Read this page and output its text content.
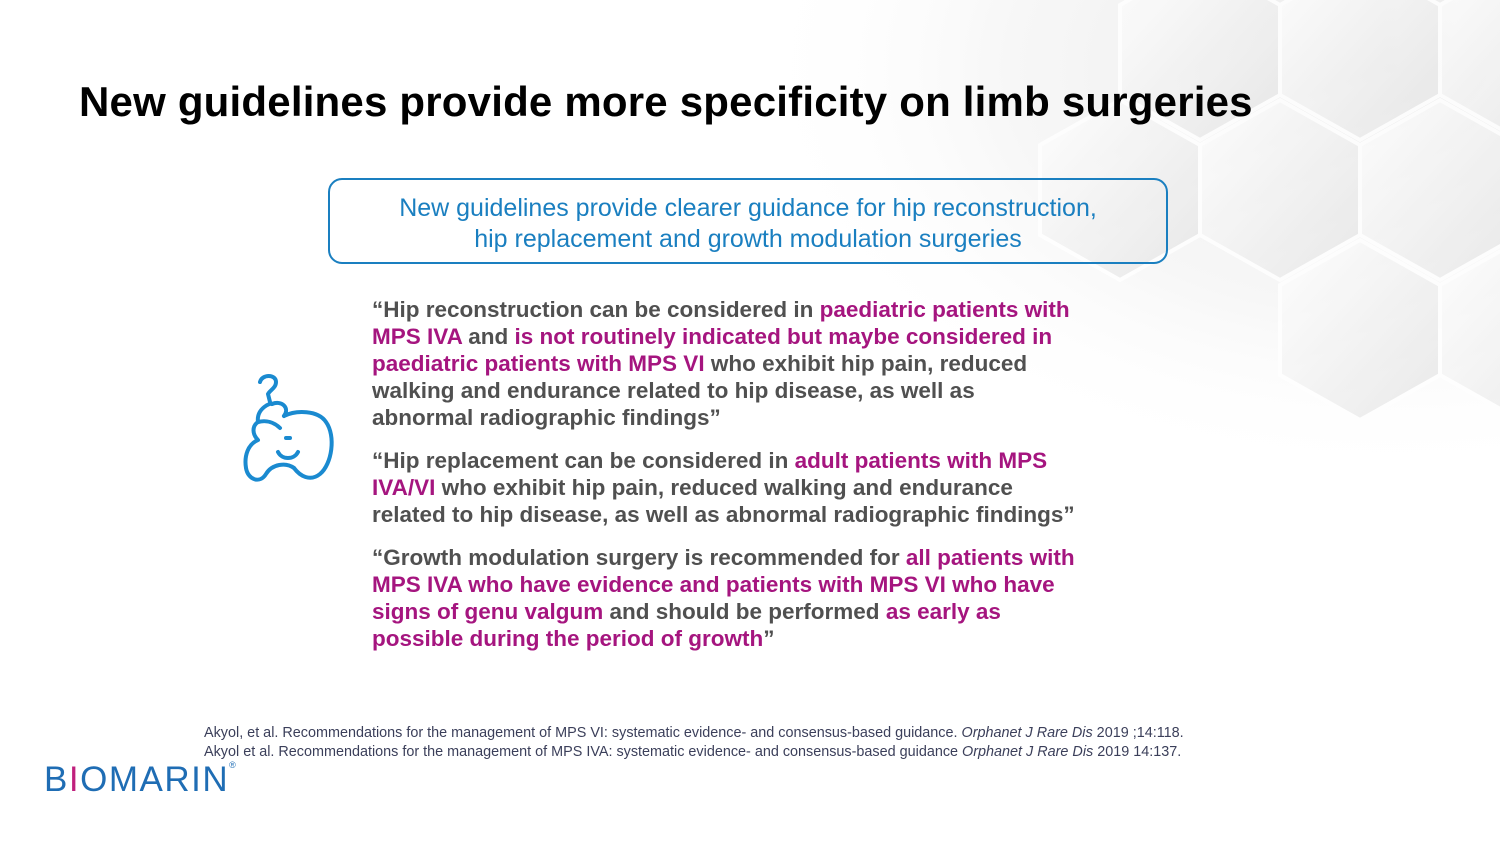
New guidelines provide more specificity on limb surgeries
New guidelines provide clearer guidance for hip reconstruction,
hip replacement and growth modulation surgeries
“Hip reconstruction can be considered in paediatric patients with
MPS IVA and is not routinely indicated but maybe considered in
paediatric patients with MPS VI who exhibit hip pain, reduced
walking and endurance related to hip disease, as well as
abnormal radiographic findings”
“Hip replacement can be considered in adult patients with MPS
IVA/VI who exhibit hip pain, reduced walking and endurance
related to hip disease, as well as abnormal radiographic findings”
“Growth modulation surgery is recommended for all patients with
MPS IVA who have evidence and patients with MPS VI who have
signs of genu valgum and should be performed as early as
possible during the period of growth”
Akyol, et al. Recommendations for the management of MPS VI: systematic evidence- and consensus-based guidance. Orphanet J Rare Dis 2019 ;14:118.
Akyol et al. Recommendations for the management of MPS IVA: systematic evidence- and consensus-based guidance Orphanet J Rare Dis 2019 14:137.
BIOMARIN®
